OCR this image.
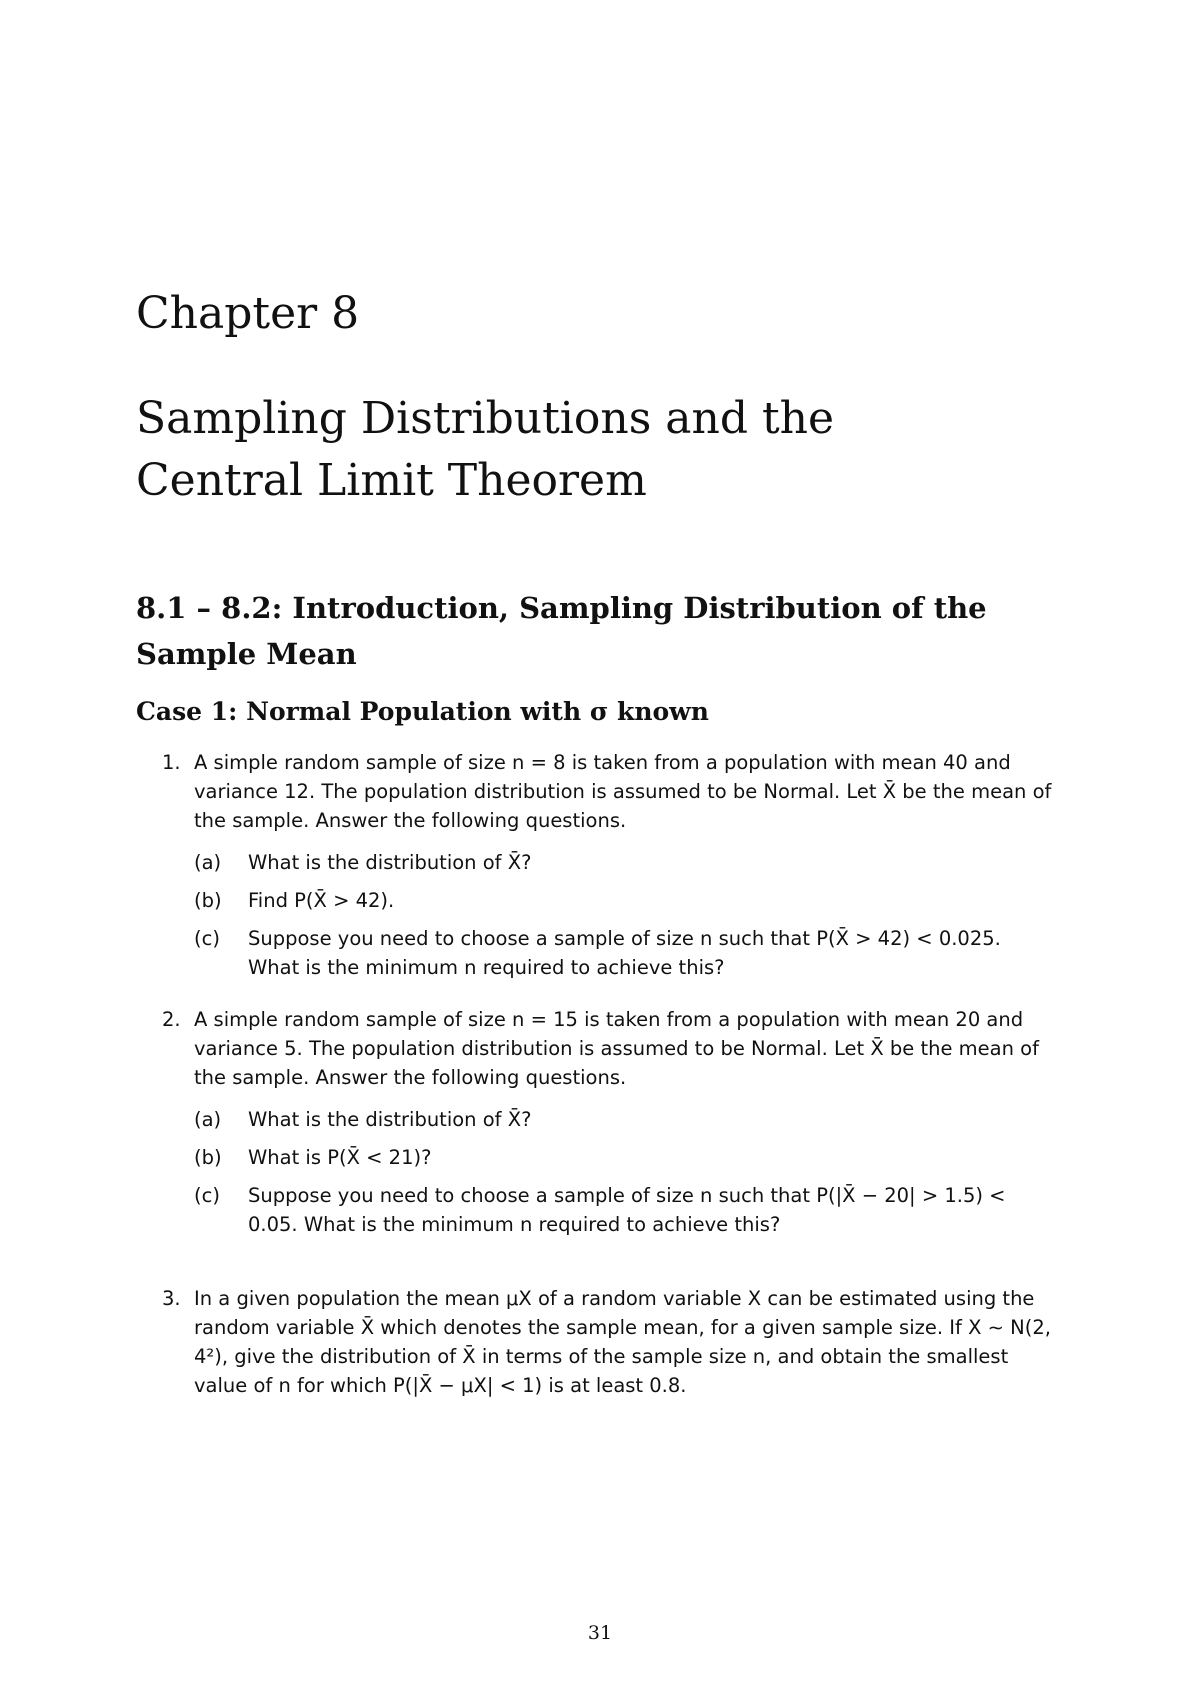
Chapter 8
Sampling Distributions and the
Central Limit Theorem
8.1 – 8.2: Introduction, Sampling Distribution of the Sample Mean
Case 1: Normal Population with σ known
1. A simple random sample of size n = 8 is taken from a population with mean 40 and variance 12. The population distribution is assumed to be Normal. Let X̄ be the mean of the sample. Answer the following questions.
(a) What is the distribution of X̄?
(b) Find P(X̄ > 42).
(c) Suppose you need to choose a sample of size n such that P(X̄ > 42) < 0.025. What is the minimum n required to achieve this?
2. A simple random sample of size n = 15 is taken from a population with mean 20 and variance 5. The population distribution is assumed to be Normal. Let X̄ be the mean of the sample. Answer the following questions.
(a) What is the distribution of X̄?
(b) What is P(X̄ < 21)?
(c) Suppose you need to choose a sample of size n such that P(|X̄ − 20| > 1.5) < 0.05. What is the minimum n required to achieve this?
3. In a given population the mean μX of a random variable X can be estimated using the random variable X̄ which denotes the sample mean, for a given sample size. If X ∼ N(2, 4²), give the distribution of X̄ in terms of the sample size n, and obtain the smallest value of n for which P(|X̄ − μX| < 1) is at least 0.8.
31
